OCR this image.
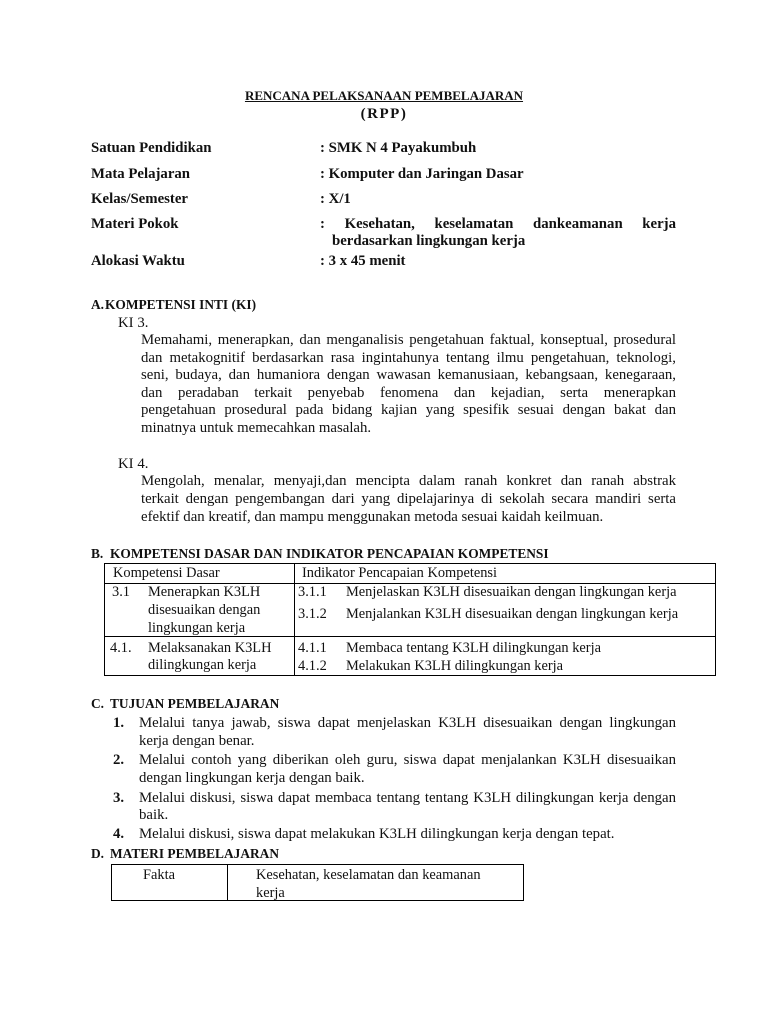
RENCANA PELAKSANAAN PEMBELAJARAN
(RPP)
Satuan Pendidikan	: SMK N 4 Payakumbuh
Mata Pelajaran	: Komputer dan Jaringan Dasar
Kelas/Semester	: X/1
Materi Pokok	: Kesehatan, keselamatan dankeamanan kerja
berdasarkan lingkungan kerja
Alokasi Waktu	: 3 x 45 menit
A. KOMPETENSI INTI (KI)
KI 3.
Memahami, menerapkan, dan menganalisis pengetahuan faktual, konseptual, prosedural
dan metakognitif berdasarkan rasa ingintahunya tentang ilmu pengetahuan, teknologi,
seni, budaya, dan humaniora dengan wawasan kemanusiaan, kebangsaan, kenegaraan,
dan peradaban terkait penyebab fenomena dan kejadian, serta menerapkan
pengetahuan prosedural pada bidang kajian yang spesifik sesuai dengan bakat dan
minatnya untuk memecahkan masalah.
KI 4.
Mengolah, menalar, menyaji,dan mencipta dalam ranah konkret dan ranah abstrak
terkait dengan pengembangan dari yang dipelajarinya di sekolah secara mandiri serta
efektif dan kreatif, dan mampu menggunakan metoda sesuai kaidah keilmuan.
B. KOMPETENSI DASAR DAN INDIKATOR PENCAPAIAN KOMPETENSI
Kompetensi Dasar	Indikator Pencapaian Kompetensi
3.1 Menerapkan K3LH
disesuaikan dengan
lingkungan kerja
3.1.1 Menjelaskan K3LH disesuaikan dengan lingkungan kerja
3.1.2 Menjalankan K3LH disesuaikan dengan lingkungan kerja
4.1. Melaksanakan K3LH
dilingkungan kerja
4.1.1 Membaca tentang K3LH dilingkungan kerja
4.1.2 Melakukan K3LH dilingkungan kerja
C. TUJUAN PEMBELAJARAN
1. Melalui tanya jawab, siswa dapat menjelaskan K3LH disesuaikan dengan lingkungan
kerja dengan benar.
2. Melalui contoh yang diberikan oleh guru, siswa dapat menjalankan K3LH disesuaikan
dengan lingkungan kerja dengan baik.
3. Melalui diskusi, siswa dapat membaca tentang tentang K3LH dilingkungan kerja dengan
baik.
4. Melalui diskusi, siswa dapat melakukan K3LH dilingkungan kerja dengan tepat.
D. MATERI PEMBELAJARAN
Fakta	Kesehatan, keselamatan dan keamanan
kerja
